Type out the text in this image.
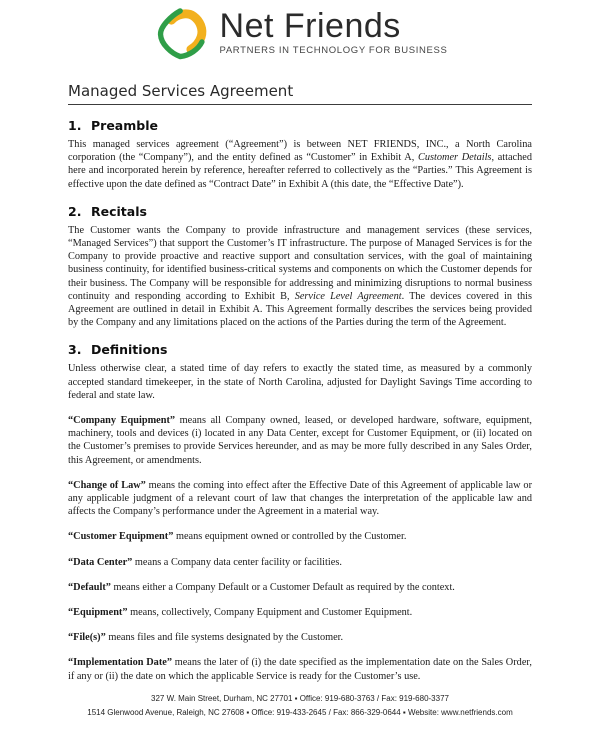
Net Friends
PARTNERS IN TECHNOLOGY FOR BUSINESS
Managed Services Agreement
1. Preamble

This managed services agreement (“Agreement”) is between NET FRIENDS, INC., a North Carolina corporation (the “Company”), and the entity defined as “Customer” in Exhibit A, Customer Details, attached here and incorporated herein by reference, hereafter referred to collectively as the “Parties.” This Agreement is effective upon the date defined as “Contract Date” in Exhibit A (this date, the “Effective Date”).

2. Recitals

The Customer wants the Company to provide infrastructure and management services (these services, “Managed Services”) that support the Customer’s IT infrastructure. The purpose of Managed Services is for the Company to provide proactive and reactive support and consultation services, with the goal of maintaining business continuity, for identified business-critical systems and components on which the Customer depends for their business. The Company will be responsible for addressing and minimizing disruptions to normal business continuity and responding according to Exhibit B, Service Level Agreement. The devices covered in this Agreement are outlined in detail in Exhibit A. This Agreement formally describes the services being provided by the Company and any limitations placed on the actions of the Parties during the term of the Agreement.

3. Definitions

Unless otherwise clear, a stated time of day refers to exactly the stated time, as measured by a commonly accepted standard timekeeper, in the state of North Carolina, adjusted for Daylight Savings Time according to federal and state law.

“Company Equipment” means all Company owned, leased, or developed hardware, software, equipment, machinery, tools and devices (i) located in any Data Center, except for Customer Equipment, or (ii) located on the Customer’s premises to provide Services hereunder, and as may be more fully described in any Sales Order, this Agreement, or amendments.

“Change of Law” means the coming into effect after the Effective Date of this Agreement of applicable law or any applicable judgment of a relevant court of law that changes the interpretation of the applicable law and affects the Company’s performance under the Agreement in a material way.

“Customer Equipment” means equipment owned or controlled by the Customer.

“Data Center” means a Company data center facility or facilities.

“Default” means either a Company Default or a Customer Default as required by the context.

“Equipment” means, collectively, Company Equipment and Customer Equipment.

“File(s)” means files and file systems designated by the Customer.

“Implementation Date” means the later of (i) the date specified as the implementation date on the Sales Order, if any or (ii) the date on which the applicable Service is ready for the Customer’s use.

327 W. Main Street, Durham, NC 27701 ▪ Office: 919-680-3763 / Fax: 919-680-3377
1514 Glenwood Avenue, Raleigh, NC 27608 ▪ Office: 919-433-2645 / Fax: 866-329-0644 ▪ Website: www.netfriends.com
